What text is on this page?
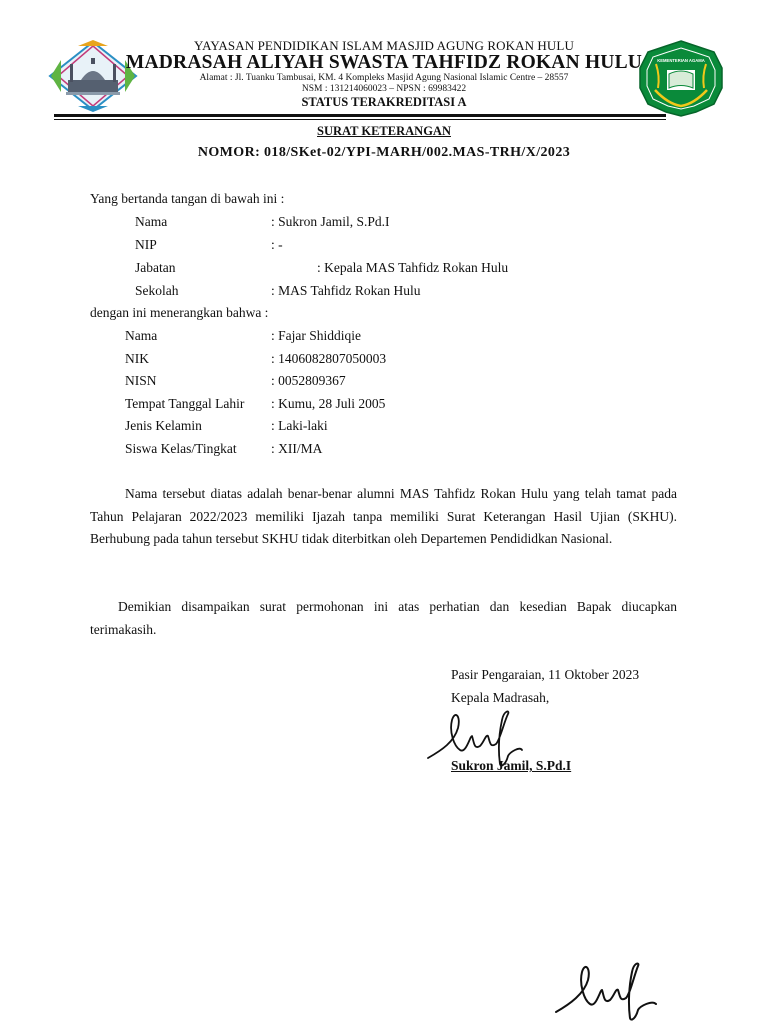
KEMENTERIAN AGAMA
YAYASAN PENDIDIKAN ISLAM MASJID AGUNG ROKAN HULU
MADRASAH ALIYAH SWASTA TAHFIDZ ROKAN HULU
Alamat : Jl. Tuanku Tambusai, KM. 4 Kompleks Masjid Agung Nasional Islamic Centre – 28557
NSM : 131214060023 – NPSN : 69983422
STATUS TERAKREDITASI A
SURAT KETERANGAN
NOMOR: 018/SKet-02/YPI-MARH/002.MAS-TRH/X/2023
Yang bertanda tangan di bawah ini :
Nama	: Sukron Jamil, S.Pd.I
NIP	: -
Jabatan	: Kepala MAS Tahfidz Rokan Hulu
Sekolah	: MAS Tahfidz Rokan Hulu
dengan ini menerangkan bahwa :
Nama	: Fajar Shiddiqie
NIK	: 1406082807050003
NISN	: 0052809367
Tempat Tanggal Lahir : Kumu, 28 Juli 2005
Jenis Kelamin	: Laki-laki
Siswa Kelas/Tingkat	: XII/MA
Nama tersebut diatas adalah benar-benar alumni MAS Tahfidz Rokan Hulu yang telah tamat pada Tahun Pelajaran 2022/2023 memiliki Ijazah tanpa memiliki Surat Keterangan Hasil Ujian (SKHU). Berhubung pada tahun tersebut SKHU tidak diterbitkan oleh Departemen Pendididkan Nasional.
Demikian disampaikan surat permohonan ini atas perhatian dan kesedian Bapak diucapkan terimakasih.
Pasir Pengaraian, 11 Oktober 2023
Kepala Madrasah,
Sukron Jamil, S.Pd.I
